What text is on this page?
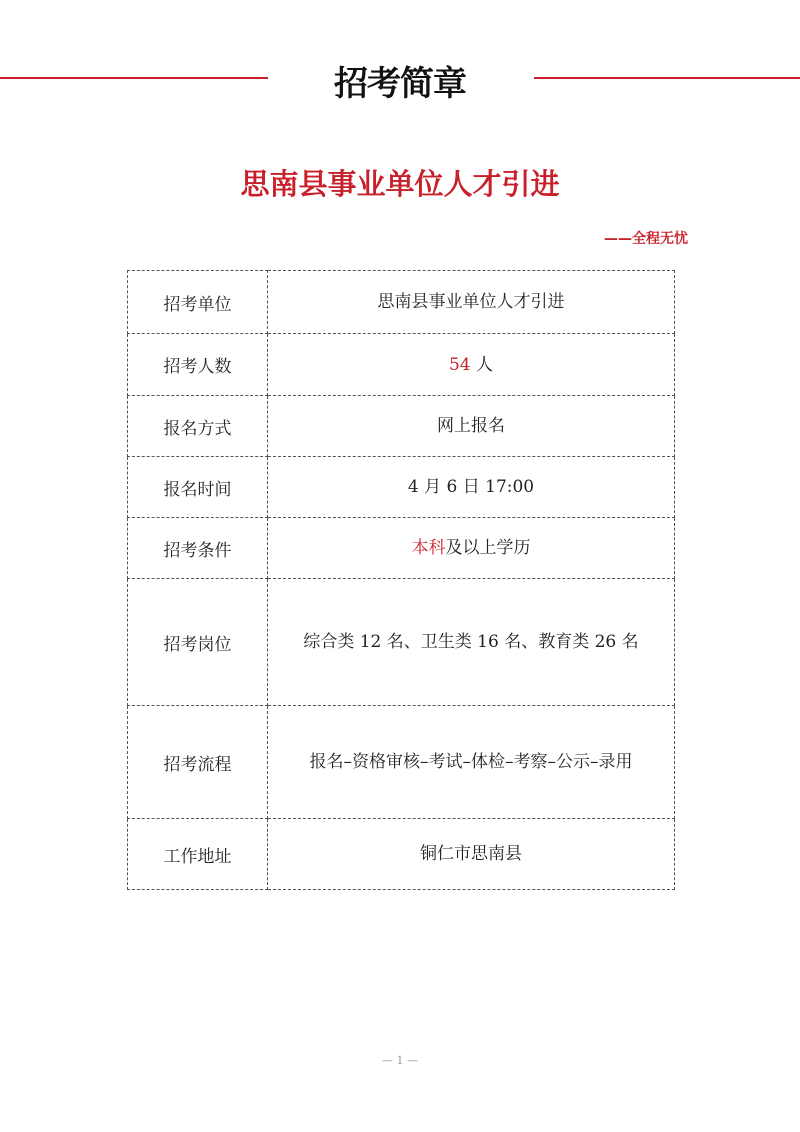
招考简章
思南县事业单位人才引进
——全程无忧
招考单位	思南县事业单位人才引进

招考人数	54 人

报名方式	网上报名

报名时间	4 月 6 日 17:00

招考条件	本科及以上学历

招考岗位	综合类 12 名、卫生类 16 名、教育类 26 名

招考流程	报名–资格审核–考试–体检–考察–公示–录用

工作地址	铜仁市思南县
— 1 —
